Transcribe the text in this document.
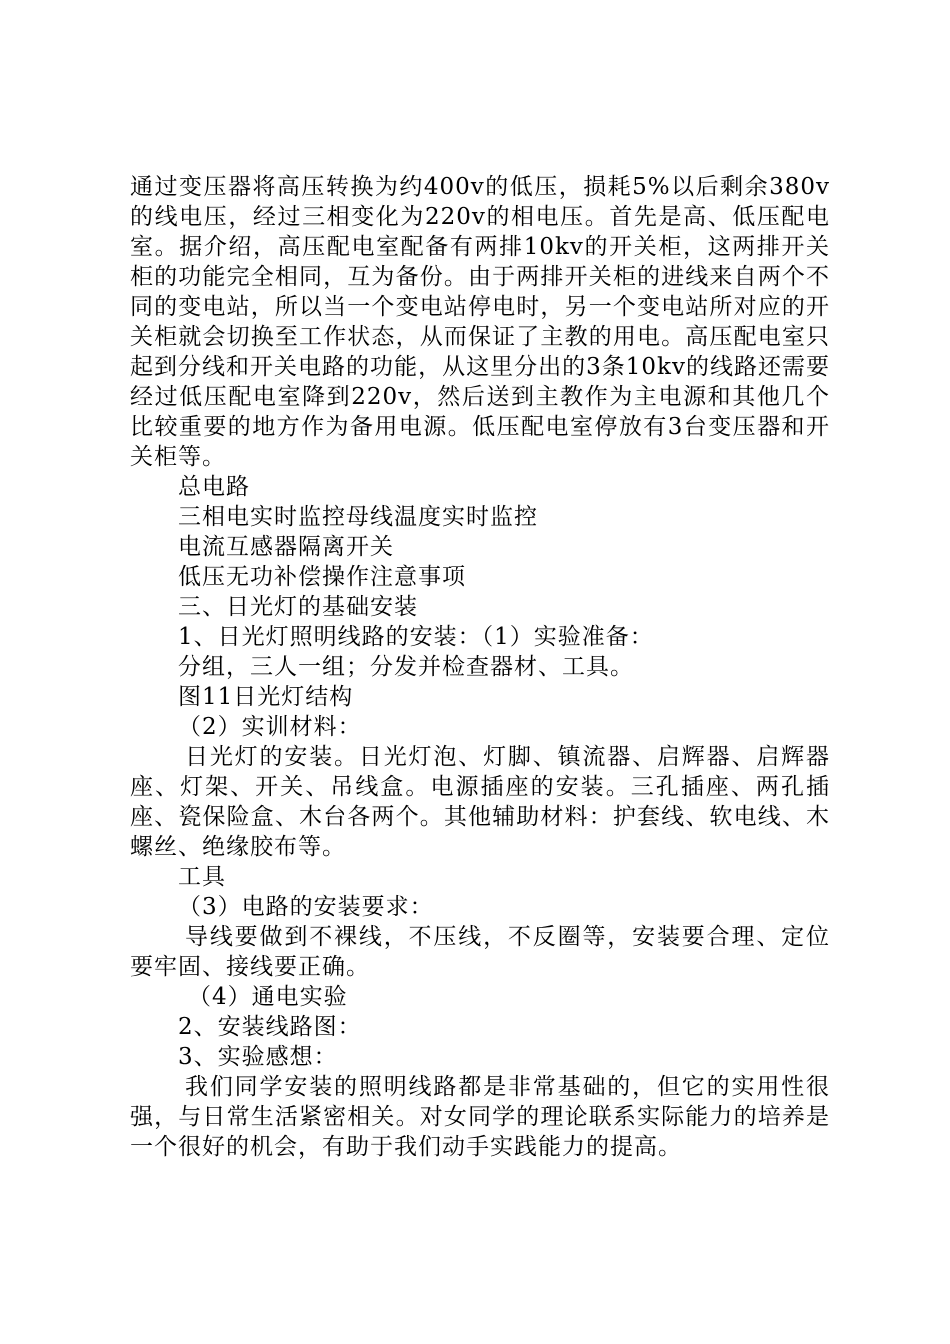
通过变压器将高压转换为约400v的低压，损耗5%以后剩余380v的线电压，经过三相变化为220v的相电压。首先是高、低压配电室。据介绍，高压配电室配备有两排10kv的开关柜，这两排开关柜的功能完全相同，互为备份。由于两排开关柜的进线来自两个不同的变电站，所以当一个变电站停电时，另一个变电站所对应的开关柜就会切换至工作状态，从而保证了主教的用电。高压配电室只起到分线和开关电路的功能，从这里分出的3条10kv的线路还需要经过低压配电室降到220v，然后送到主教作为主电源和其他几个比较重要的地方作为备用电源。低压配电室停放有3台变压器和开关柜等。

总电路

三相电实时监控母线温度实时监控

电流互感器隔离开关

低压无功补偿操作注意事项

三、日光灯的基础安装

1、日光灯照明线路的安装：（1）实验准备：

分组，三人一组；分发并检查器材、工具。

图11日光灯结构

（2）实训材料：

日光灯的安装。日光灯泡、灯脚、镇流器、启辉器、启辉器座、灯架、开关、吊线盒。电源插座的安装。三孔插座、两孔插座、瓷保险盒、木台各两个。其他辅助材料：护套线、软电线、木螺丝、绝缘胶布等。

工具

（3）电路的安装要求：

导线要做到不裸线，不压线，不反圈等，安装要合理、定位要牢固、接线要正确。

（4）通电实验

2、安装线路图：

3、实验感想：

我们同学安装的照明线路都是非常基础的，但它的实用性很强，与日常生活紧密相关。对女同学的理论联系实际能力的培养是一个很好的机会，有助于我们动手实践能力的提高。
